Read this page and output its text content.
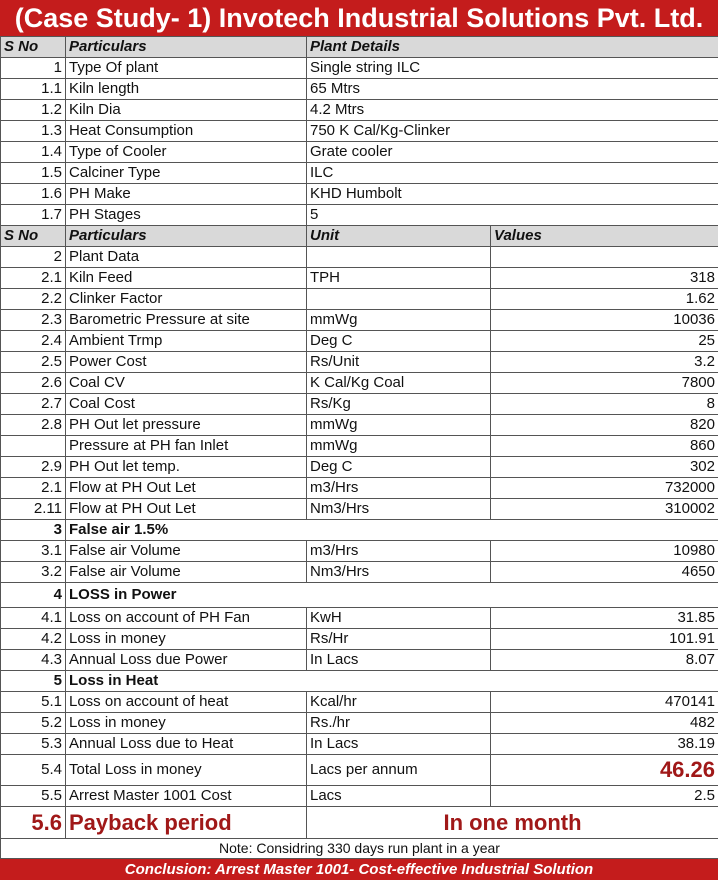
(Case Study- 1) Invotech Industrial Solutions Pvt. Ltd.
S No	Particulars	Plant Details	
1	Type Of plant	Single string ILC	
1.1	Kiln length	65 Mtrs	
1.2	Kiln Dia	4.2 Mtrs	
1.3	Heat Consumption	750 K Cal/Kg-Clinker	
1.4	Type of Cooler	Grate cooler	
1.5	Calciner Type	ILC	
1.6	PH Make	KHD Humbolt	
1.7	PH Stages	5	
S No	Particulars	Unit	Values
2	Plant Data		
2.1	Kiln Feed	TPH	318
2.2	Clinker Factor		1.62
2.3	Barometric Pressure at site	mmWg	10036
2.4	Ambient Trmp	Deg C	25
2.5	Power Cost	Rs/Unit	3.2
2.6	Coal CV	K Cal/Kg Coal	7800
2.7	Coal Cost	Rs/Kg	8
2.8	PH Out let pressure	mmWg	820
	Pressure at PH fan Inlet	mmWg	860
2.9	PH Out let temp.	Deg C	302
2.1	Flow at PH Out Let	m3/Hrs	732000
2.11	Flow at PH Out Let	Nm3/Hrs	310002
3	False air 1.5%		
3.1	False air Volume	m3/Hrs	10980
3.2	False air Volume	Nm3/Hrs	4650
4	LOSS in Power		
4.1	Loss on account of PH Fan	KwH	31.85
4.2	Loss in money	Rs/Hr	101.91
4.3	Annual Loss due Power	In Lacs	8.07
5	Loss in Heat		
5.1	Loss on account of heat	Kcal/hr	470141
5.2	Loss in money	Rs./hr	482
5.3	Annual Loss due to Heat	In Lacs	38.19
5.4	Total Loss in money	Lacs per annum	46.26
5.5	Arrest Master 1001 Cost	Lacs	2.5
5.6	Payback period	In one month	
Note: Considring 330 days run plant in a year			
Conclusion: Arrest Master 1001- Cost-effective Industrial Solution
